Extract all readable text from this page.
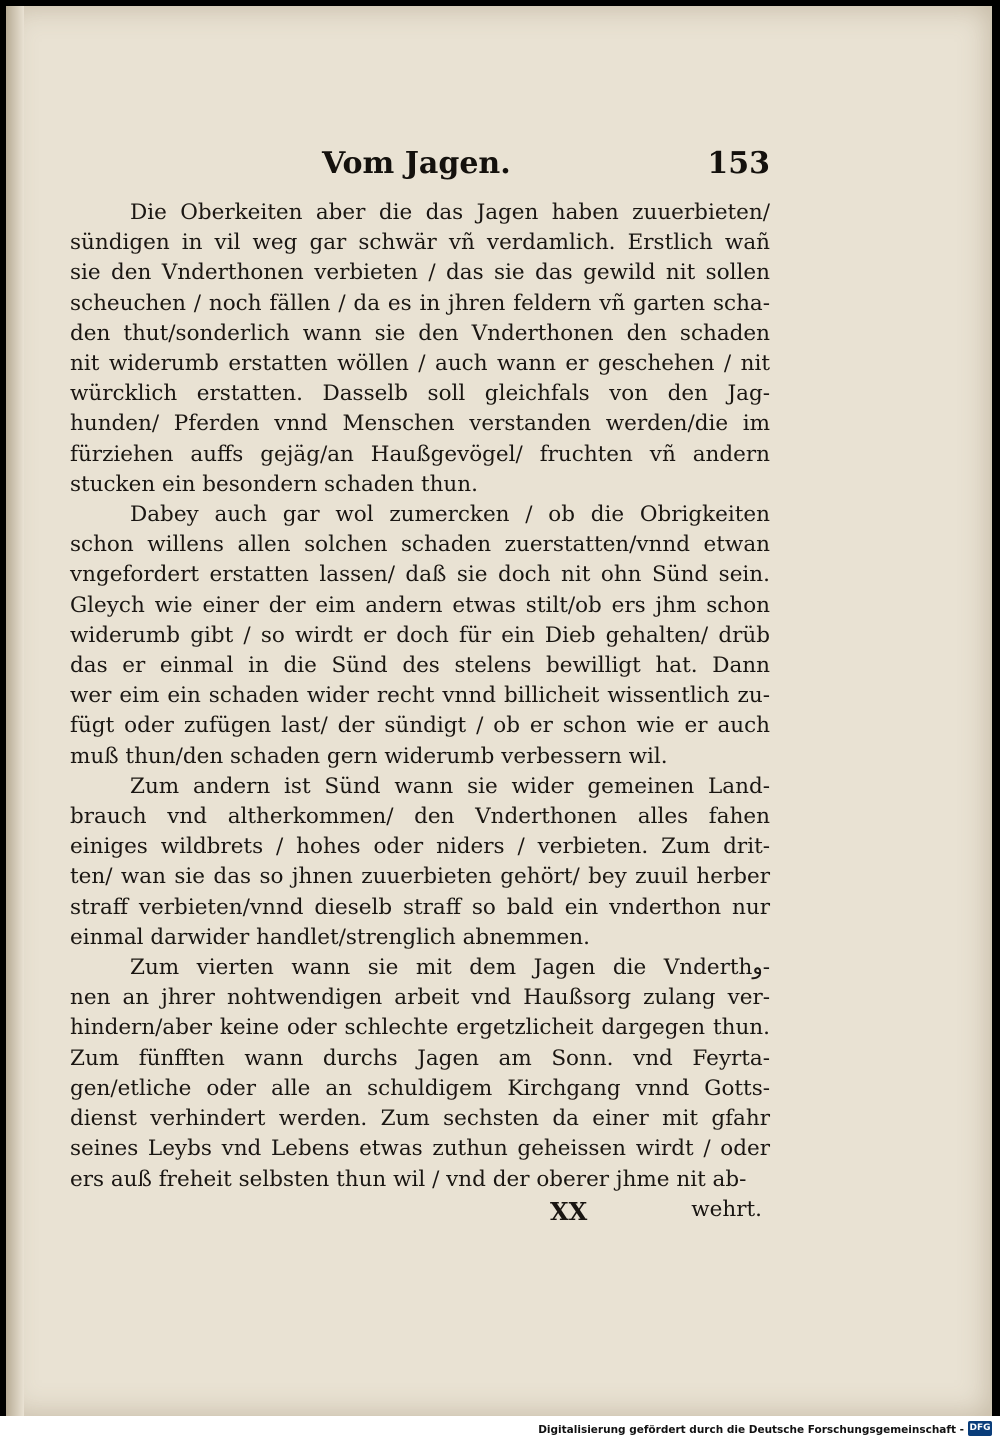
Vom Jagen.	153
Die Oberkeiten aber die das Jagen haben zuuerbieten/
sündigen in vil weg gar schwär vñ verdamlich. Erstlich wañ
sie den Vnderthonen verbieten / das sie das gewild nit sollen
scheuchen / noch fällen / da es in jhren feldern vñ garten scha-
den thut/sonderlich wann sie den Vnderthonen den schaden
nit widerumb erstatten wöllen / auch wann er geschehen / nit
würcklich erstatten. Dasselb soll gleichfals von den Jag-
hunden/ Pferden vnnd Menschen verstanden werden/die im
fürziehen auffs gejäg/an Haußgevögel/ fruchten vñ andern
stucken ein besondern schaden thun.
Dabey auch gar wol zumercken / ob die Obrigkeiten
schon willens allen solchen schaden zuerstatten/vnnd etwan
vngefordert erstatten lassen/ daß sie doch nit ohn Sünd sein.
Gleych wie einer der eim andern etwas stilt/ob ers jhm schon
widerumb gibt / so wirdt er doch für ein Dieb gehalten/ drüb
das er einmal in die Sünd des stelens bewilligt hat. Dann
wer eim ein schaden wider recht vnnd billicheit wissentlich zu-
fügt oder zufügen last/ der sündigt / ob er schon wie er auch
muß thun/den schaden gern widerumb verbessern wil.
Zum andern ist Sünd wann sie wider gemeinen Land-
brauch vnd altherkommen/ den Vnderthonen alles fahen
einiges wildbrets / hohes oder niders / verbieten. Zum drit-
ten/ wan sie das so jhnen zuuerbieten gehört/ bey zuuil herber
straff verbieten/vnnd dieselb straff so bald ein vnderthon nur
einmal darwider handlet/strenglich abnemmen.
Zum vierten wann sie mit dem Jagen die Vnderthو-
nen an jhrer nohtwendigen arbeit vnd Haußsorg zulang ver-
hindern/aber keine oder schlechte ergetzlicheit dargegen thun.
Zum fünfften wann durchs Jagen am Sonn. vnd Feyrta-
gen/etliche oder alle an schuldigem Kirchgang vnnd Gotts-
dienst verhindert werden. Zum sechsten da einer mit gfahr
seines Leybs vnd Lebens etwas zuthun geheissen wirdt / oder
ers auß freheit selbsten thun wil / vnd der oberer jhme nit ab-
XX	wehrt.
Digitalisierung gefördert durch die Deutsche Forschungsgemeinschaft - DFG
